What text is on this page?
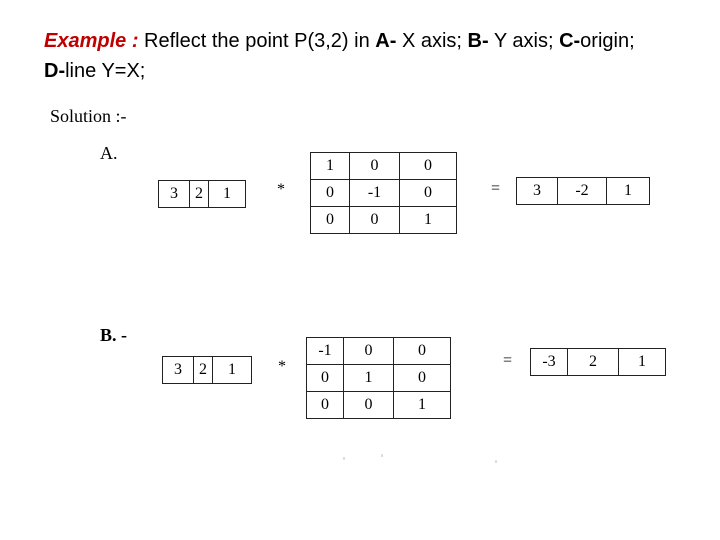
Example : Reflect the point P(3,2) in A- X axis; B- Y axis; C-origin;
D-line Y=X;
Solution :-
A.
3	2	1	*
1	0	0
0	-1	0
0	0	1
= 3	-2	1
B. -
3	2	1	*
-1	0	0
0	1	0
0	0	1
= -3	2	1
